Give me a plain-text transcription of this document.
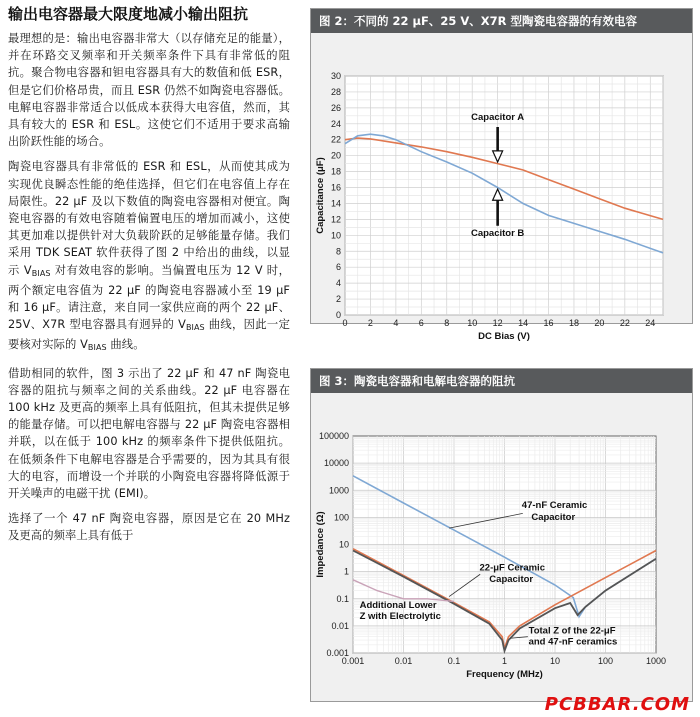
输出电容器最大限度地减小输出阻抗

最理想的是：输出电容器非常大（以存储充足的能量），并在环路交叉频率和开关频率条件下具有非常低的阻抗。聚合物电容器和钽电容器具有大的数值和低 ESR，但是它们价格昂贵，而且 ESR 仍然不如陶瓷电容器低。电解电容器非常适合以低成本获得大电容值，然而，其具有较大的 ESR 和 ESL。这使它们不适用于要求高输出阶跃性能的场合。

陶瓷电容器具有非常低的 ESR 和 ESL，从而使其成为实现优良瞬态性能的绝佳选择，但它们在电容值上存在局限性。22 μF 及以下数值的陶瓷电容器相对便宜。陶瓷电容器的有效电容随着偏置电压的增加而减小，这使其更加难以提供针对大负载阶跃的足够能量存储。我们采用 TDK SEAT 软件获得了图 2 中给出的曲线，以显示 $V_{BIAS}$ 对有效电容的影响。当偏置电压为 12 V 时，两个额定电容值为 22 μF 的陶瓷电容器减小至 19 μF 和 16 μF。请注意，来自同一家供应商的两个 22 μF、25V、X7R 型电容器具有迥异的 $V_{BIAS}$ 曲线，因此一定要核对实际的 $V_{BIAS}$ 曲线。

借助相同的软件，图 3 示出了 22 μF 和 47 nF 陶瓷电容器的阻抗与频率之间的关系曲线。22 μF 电容器在 100 kHz 及更高的频率上具有低阻抗，但其未提供足够的能量存储。可以把电解电容器与 22 μF 陶瓷电容器相并联，以在低于 100 kHz 的频率条件下提供低阻抗。在低频条件下电解电容器是合乎需要的，因为其具有很大的电容，而增设一个并联的小陶瓷电容器将降低源于开关噪声的电磁干扰 (EMI)。

选择了一个 47 nF 陶瓷电容器，原因是它在 20 MHz 及更高的频率上具有低于

图 2：不同的 22 μF、25 V、X7R 型陶瓷电容器的有效电容
0 2 4 6 8 10 12 14 16 18 20 22 24
0
2
4
6
8
10
12
14
16
18
20
22
24
26
28
30
DC Bias (V)
Capacitance (μF)
Capacitor A
Capacitor B
图 3：陶瓷电容器和电解电容器的阻抗
0.001	0.01	0.1	1	10	100	1000
0.001
0.01
0.1
1
10
100
1000
10000
100000
Frequency (MHz)
Impedance (Ω)
47-nF Ceramic
Capacitor
22-μF Ceramic
Capacitor
Additional Lower
Z with Electrolytic
Total Z of the 22-μF
and 47-nF ceramics
PCBBAR.COM
